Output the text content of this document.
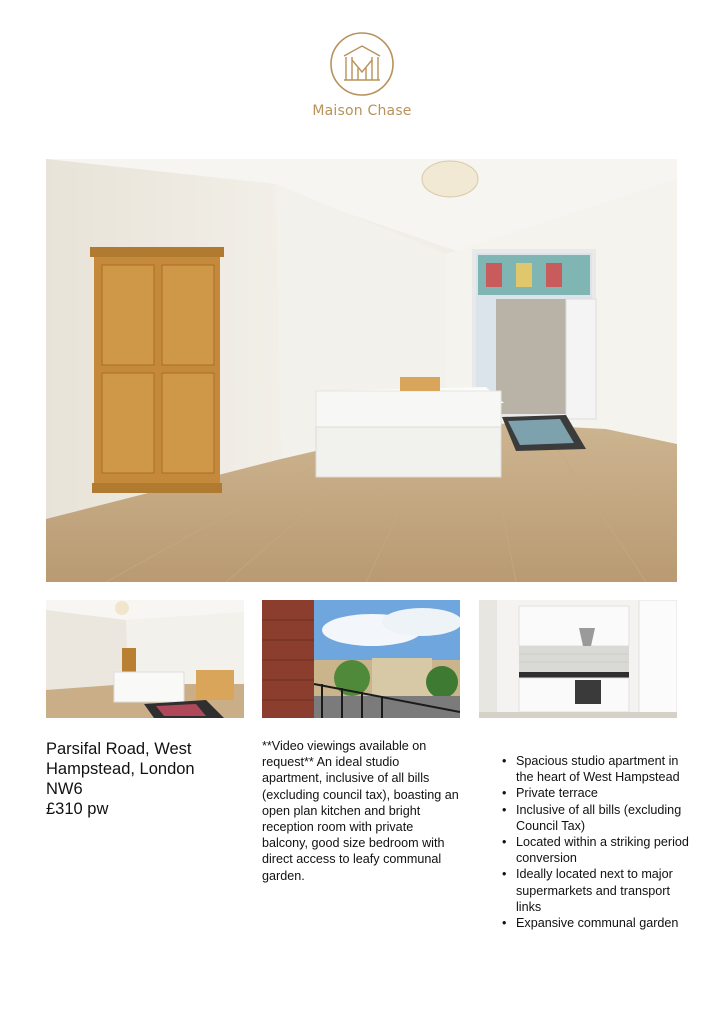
Maison Chase
Parsifal Road, West
Hampstead, London
NW6
£310 pw
**Video viewings available on request** An ideal studio apartment, inclusive of all bills (excluding council tax), boasting an open plan kitchen and bright reception room with private balcony, good size bedroom with direct access to leafy communal garden.
• Spacious studio apartment in the heart of West Hampstead
• Private terrace
• Inclusive of all bills (excluding Council Tax)
• Located within a striking period conversion
• Ideally located next to major supermarkets and transport links
• Expansive communal garden
